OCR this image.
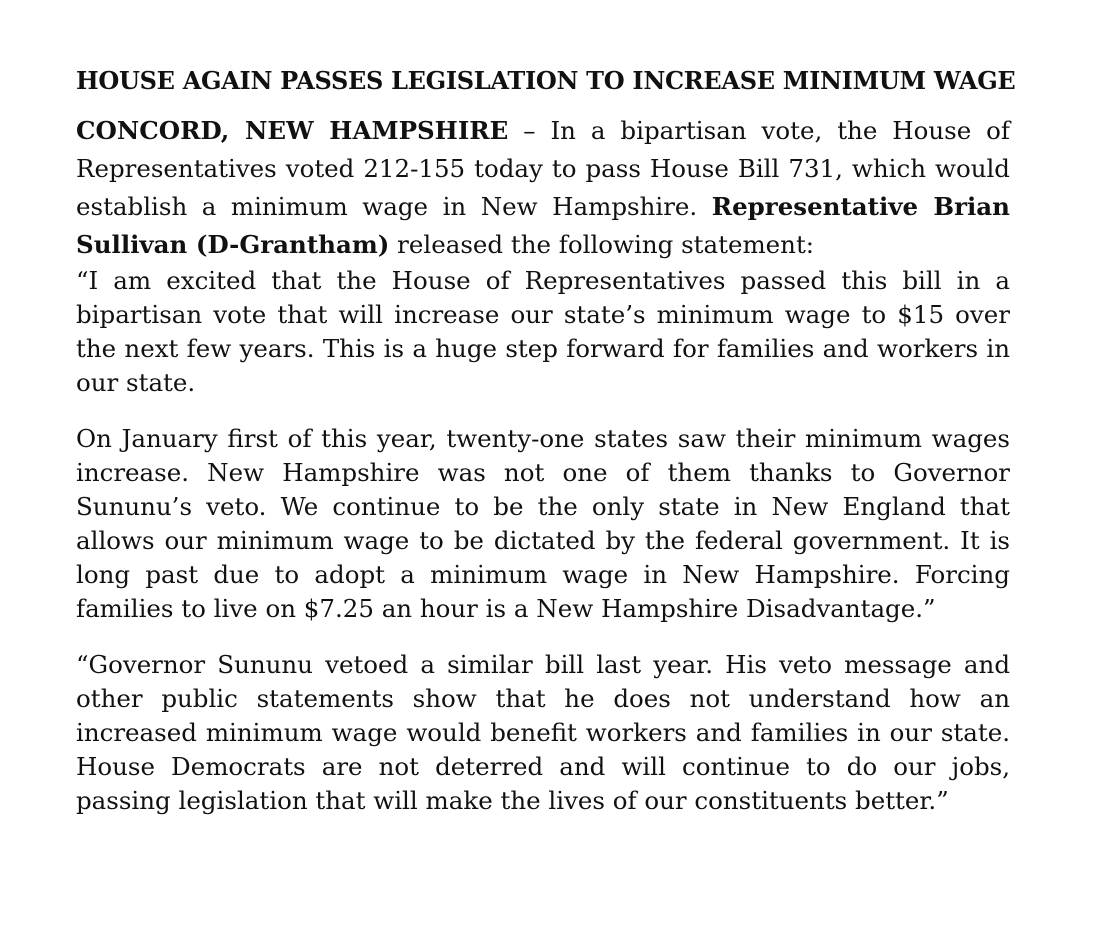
HOUSE AGAIN PASSES LEGISLATION TO INCREASE MINIMUM WAGE

CONCORD, NEW HAMPSHIRE – In a bipartisan vote, the House of Representatives voted 212-155 today to pass House Bill 731, which would establish a minimum wage in New Hampshire. Representative Brian Sullivan (D-Grantham) released the following statement:

“I am excited that the House of Representatives passed this bill in a bipartisan vote that will increase our state’s minimum wage to $15 over the next few years. This is a huge step forward for families and workers in our state.

On January first of this year, twenty-one states saw their minimum wages increase. New Hampshire was not one of them thanks to Governor Sununu’s veto. We continue to be the only state in New England that allows our minimum wage to be dictated by the federal government. It is long past due to adopt a minimum wage in New Hampshire. Forcing families to live on $7.25 an hour is a New Hampshire Disadvantage.”

“Governor Sununu vetoed a similar bill last year. His veto message and other public statements show that he does not understand how an increased minimum wage would benefit workers and families in our state. House Democrats are not deterred and will continue to do our jobs, passing legislation that will make the lives of our constituents better.”
